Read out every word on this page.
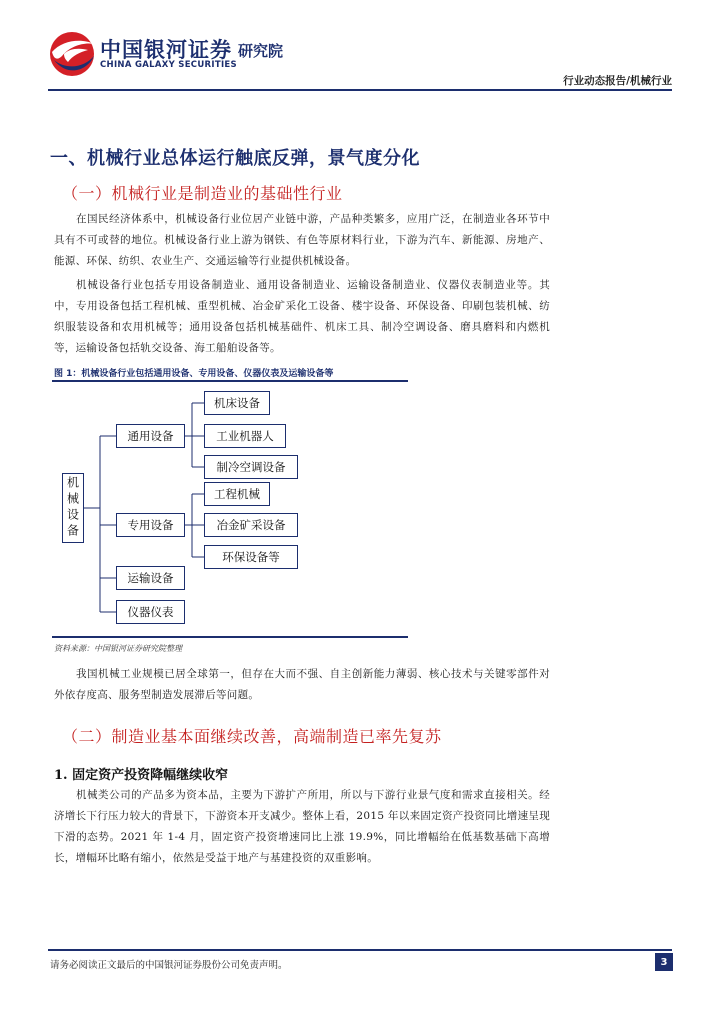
中国银河证券 研究院
CHINA GALAXY SECURITIES
行业动态报告/机械行业
一、机械行业总体运行触底反弹，景气度分化
（一）机械行业是制造业的基础性行业
在国民经济体系中，机械设备行业位居产业链中游，产品种类繁多，应用广泛，在制造业各环节中具有不可或替的地位。机械设备行业上游为钢铁、有色等原材料行业，下游为汽车、新能源、房地产、能源、环保、纺织、农业生产、交通运输等行业提供机械设备。
机械设备行业包括专用设备制造业、通用设备制造业、运输设备制造业、仪器仪表制造业等。其中，专用设备包括工程机械、重型机械、冶金矿采化工设备、楼宇设备、环保设备、印刷包装机械、纺织服装设备和农用机械等；通用设备包括机械基础件、机床工具、制冷空调设备、磨具磨料和内燃机等，运输设备包括轨交设备、海工船舶设备等。
图 1：机械设备行业包括通用设备、专用设备、仪器仪表及运输设备等
机械设备
通用设备
专用设备
运输设备
仪器仪表
机床设备
工业机器人
制冷空调设备
工程机械
冶金矿采设备
环保设备等
资料来源：中国银河证券研究院整理
我国机械工业规模已居全球第一，但存在大而不强、自主创新能力薄弱、核心技术与关键零部件对外依存度高、服务型制造发展滞后等问题。
（二）制造业基本面继续改善，高端制造已率先复苏
1. 固定资产投资降幅继续收窄
机械类公司的产品多为资本品，主要为下游扩产所用，所以与下游行业景气度和需求直接相关。经济增长下行压力较大的背景下，下游资本开支减少。整体上看，2015 年以来固定资产投资同比增速呈现下滑的态势。2021 年 1-4 月，固定资产投资增速同比上涨 19.9%，同比增幅给在低基数基础下高增长，增幅环比略有缩小，依然是受益于地产与基建投资的双重影响。
请务必阅读正文最后的中国银河证券股份公司免责声明。	3
